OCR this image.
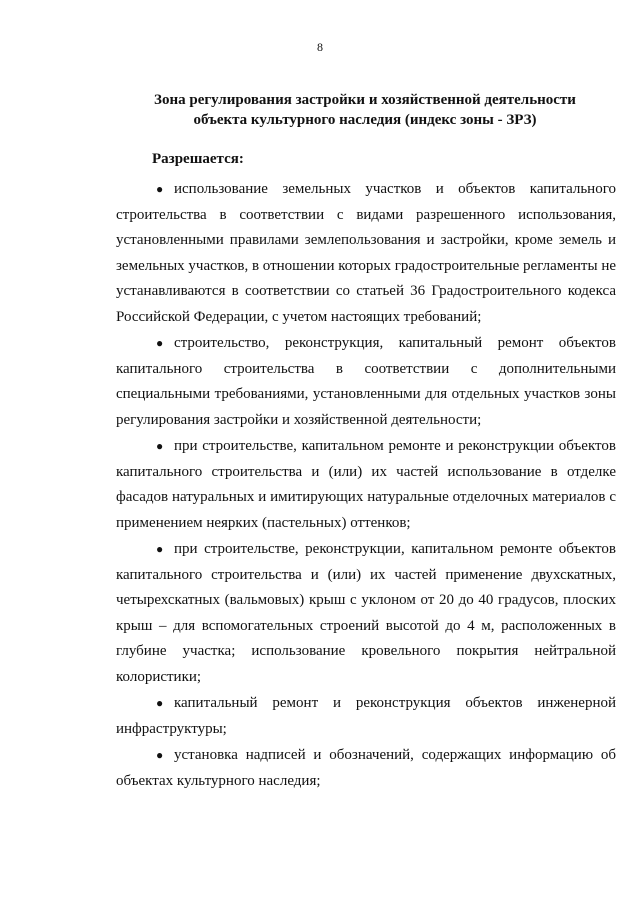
8
Зона регулирования застройки и хозяйственной деятельности
объекта культурного наследия (индекс зоны - ЗРЗ)
Разрешается:

● использование земельных участков и объектов капитального строительства в соответствии с видами разрешенного использования, установленными правилами землепользования и застройки, кроме земель и земельных участков, в отношении которых градостроительные регламенты не устанавливаются в соответствии со статьей 36 Градостроительного кодекса Российской Федерации, с учетом настоящих требований;

● строительство, реконструкция, капитальный ремонт объектов капитального строительства в соответствии с дополнительными специальными требованиями, установленными для отдельных участков зоны регулирования застройки и хозяйственной деятельности;

● при строительстве, капитальном ремонте и реконструкции объектов капитального строительства и (или) их частей использование в отделке фасадов натуральных и имитирующих натуральные отделочных материалов с применением неярких (пастельных) оттенков;

● при строительстве, реконструкции, капитальном ремонте объектов капитального строительства и (или) их частей применение двухскатных, четырехскатных (вальмовых) крыш с уклоном от 20 до 40 градусов, плоских крыш – для вспомогательных строений высотой до 4 м, расположенных в глубине участка; использование кровельного покрытия нейтральной колористики;

● капитальный ремонт и реконструкция объектов инженерной инфраструктуры;

● установка надписей и обозначений, содержащих информацию об объектах культурного наследия;
